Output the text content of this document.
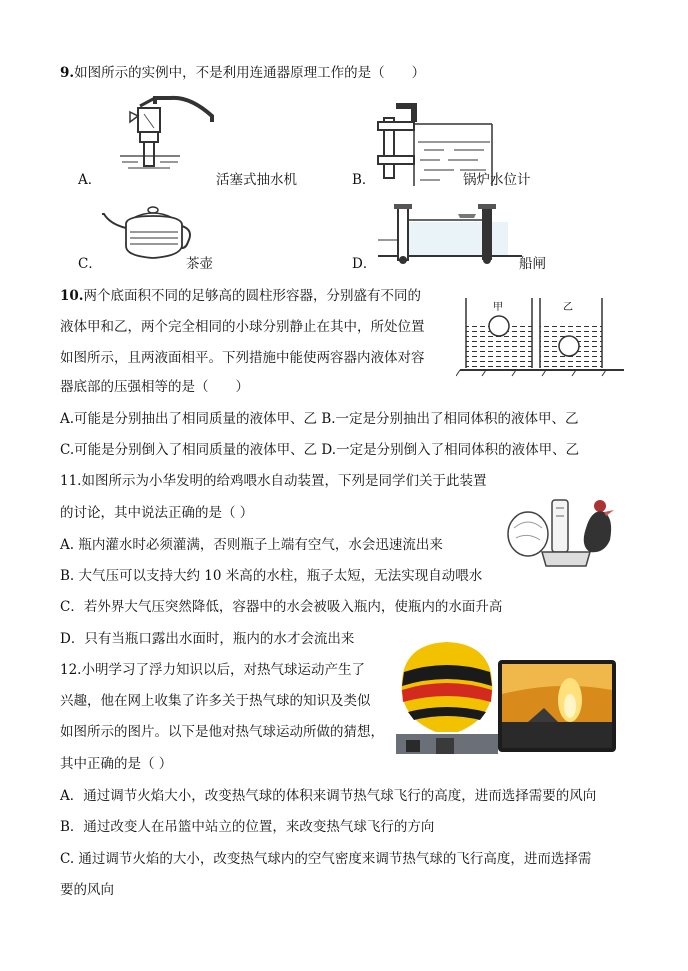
9.如图所示的实例中，不是利用连通器原理工作的是（　　）
A．	活塞式抽水机	B．	锅炉水位计
C．	茶壶	D．	船闸
10.两个底面积不同的足够高的圆柱形容器，分别盛有不同的
液体甲和乙，两个完全相同的小球分别静止在其中，所处位置
如图所示，且两液面相平。下列措施中能使两容器内液体对容
器底部的压强相等的是（　　）
甲	乙
A.可能是分别抽出了相同质量的液体甲、乙 B.一定是分别抽出了相同体积的液体甲、乙
C.可能是分别倒入了相同质量的液体甲、乙 D.一定是分别倒入了相同体积的液体甲、乙
11.如图所示为小华发明的给鸡喂水自动装置，下列是同学们关于此装置
的讨论，其中说法正确的是（ ）
A. 瓶内灌水时必须灌满，否则瓶子上端有空气，水会迅速流出来
B. 大气压可以支持大约 10 米高的水柱，瓶子太短，无法实现自动喂水
C．若外界大气压突然降低，容器中的水会被吸入瓶内，使瓶内的水面升高
D．只有当瓶口露出水面时，瓶内的水才会流出来
12.小明学习了浮力知识以后，对热气球运动产生了
兴趣，他在网上收集了许多关于热气球的知识及类似
如图所示的图片。以下是他对热气球运动所做的猜想，
其中正确的是（ ）
A．通过调节火焰大小，改变热气球的体积来调节热气球飞行的高度，进而选择需要的风向
B．通过改变人在吊篮中站立的位置，来改变热气球飞行的方向
C. 通过调节火焰的大小，改变热气球内的空气密度来调节热气球的飞行高度，进而选择需
要的风向
